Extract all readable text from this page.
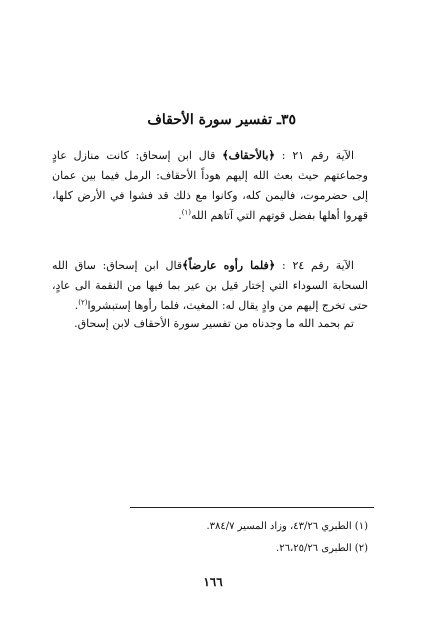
٣٥ـ تفسير سورة الأحقاف

الآية رقم ٢١ : ﴿بالأحقاف﴾ قال ابن إسحاق: كانت منازل عادٍ وجماعتهم حيث بعث الله إليهم هوداً الأحقاف: الرمل فيما بين عمان إلى حضرموت، فاليمن كله، وكانوا مع ذلك قد فشوا في الأرض كلها، قهروا أهلها بفضل قوتهم التي آتاهم الله$^{(١)}$.

الآية رقم ٢٤ : ﴿فلما رأوه عارضاً﴾قال ابن إسحاق: ساق الله السحابة السوداء التي إختار قيل بن عير بما فيها من النقمة الى عادٍ، حتى تخرج إليهم من وادٍ يقال له: المغيث، فلما رأوها إستبشروا$^{(٢)}$.

تم بحمد الله ما وجدناه من تفسير سورة الأحقاف لابن إسحاق.

(١) الطبري ٤٣/٢٦، وزاد المسير ٣٨٤/٧.
(٢) الطبرى ٢٦،٢٥/٢٦.

١٦٦
